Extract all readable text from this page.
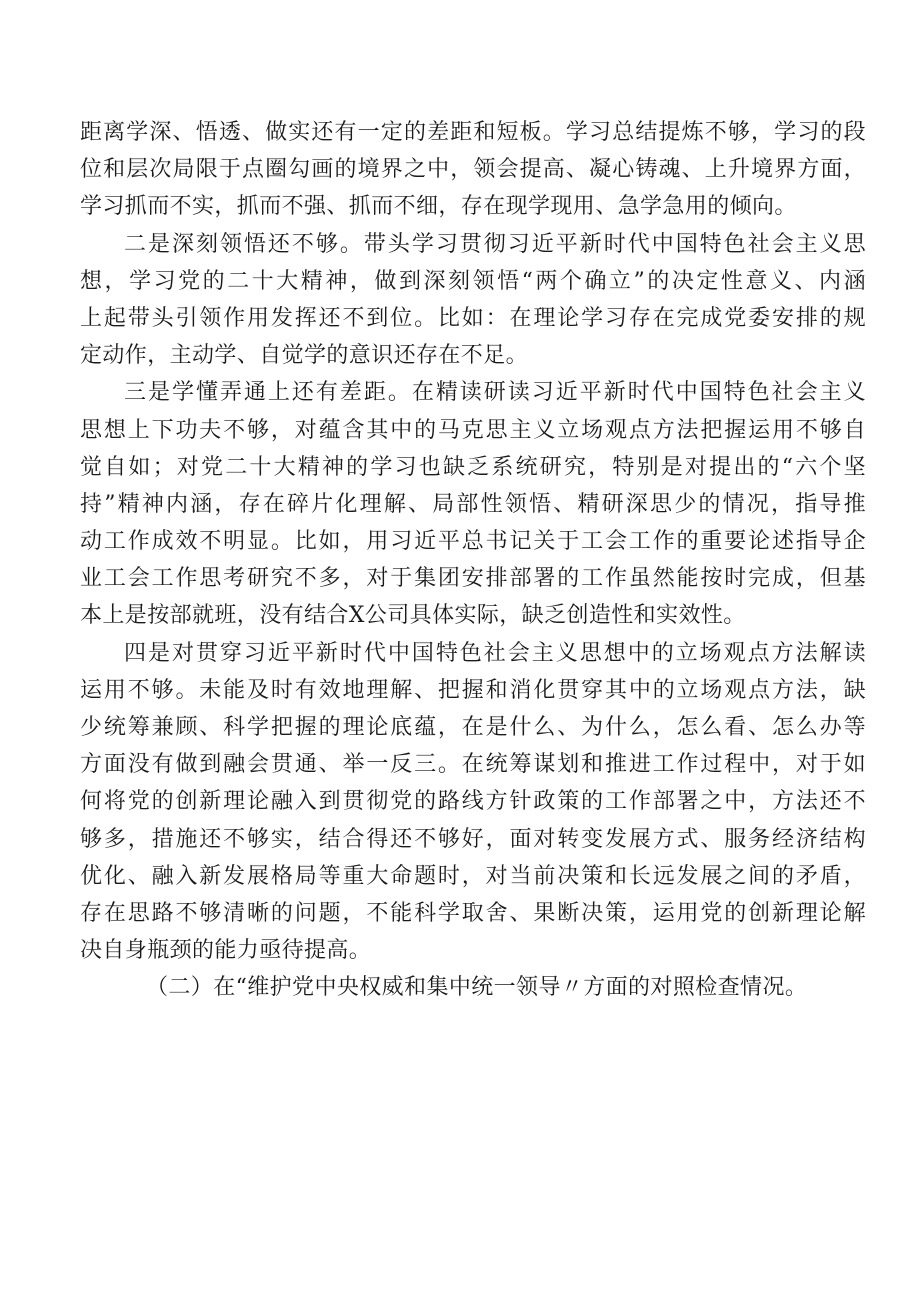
距离学深、悟透、做实还有一定的差距和短板。学习总结提炼不够，学习的段
位和层次局限于点圈勾画的境界之中，领会提高、凝心铸魂、上升境界方面，
学习抓而不实，抓而不强、抓而不细，存在现学现用、急学急用的倾向。
二是深刻领悟还不够。带头学习贯彻习近平新时代中国特色社会主义思
想，学习党的二十大精神，做到深刻领悟“两个确立”的决定性意义、内涵
上起带头引领作用发挥还不到位。比如：在理论学习存在完成党委安排的规
定动作，主动学、自觉学的意识还存在不足。
三是学懂弄通上还有差距。在精读研读习近平新时代中国特色社会主义
思想上下功夫不够，对蕴含其中的马克思主义立场观点方法把握运用不够自
觉自如；对党二十大精神的学习也缺乏系统研究，特别是对提出的“六个坚
持”精神内涵，存在碎片化理解、局部性领悟、精研深思少的情况，指导推
动工作成效不明显。比如，用习近平总书记关于工会工作的重要论述指导企
业工会工作思考研究不多，对于集团安排部署的工作虽然能按时完成，但基
本上是按部就班，没有结合X公司具体实际，缺乏创造性和实效性。
四是对贯穿习近平新时代中国特色社会主义思想中的立场观点方法解读
运用不够。未能及时有效地理解、把握和消化贯穿其中的立场观点方法，缺
少统筹兼顾、科学把握的理论底蕴，在是什么、为什么，怎么看、怎么办等
方面没有做到融会贯通、举一反三。在统筹谋划和推进工作过程中，对于如
何将党的创新理论融入到贯彻党的路线方针政策的工作部署之中，方法还不
够多，措施还不够实，结合得还不够好，面对转变发展方式、服务经济结构
优化、融入新发展格局等重大命题时，对当前决策和长远发展之间的矛盾，
存在思路不够清晰的问题，不能科学取舍、果断决策，运用党的创新理论解
决自身瓶颈的能力亟待提高。
（二）在“维护党中央权威和集中统一领导〃方面的对照检查情况。
